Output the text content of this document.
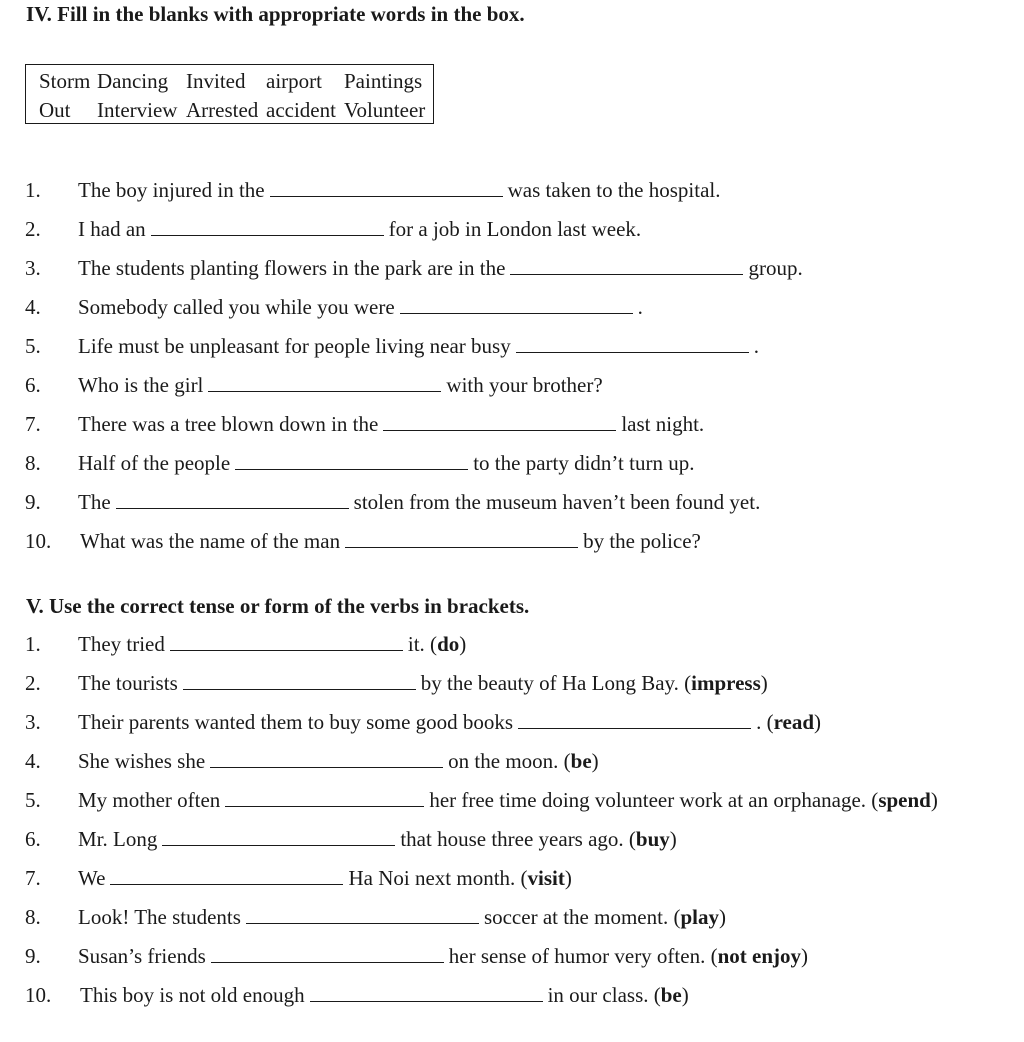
IV. Fill in the blanks with appropriate words in the box.
Storm Dancing Invited airport Paintings
Out Interview Arrested accident Volunteer
1. The boy injured in the	was taken to the hospital.
2. I had an	for a job in London last week.
3. The students planting flowers in the park are in the	group.
4. Somebody called you while you were	.
5. Life must be unpleasant for people living near busy	.
6. Who is the girl	with your brother?
7. There was a tree blown down in the	last night.
8. Half of the people	to the party didn’t turn up.
9. The	stolen from the museum haven’t been found yet.
10. What was the name of the man	by the police?
V. Use the correct tense or form of the verbs in brackets.
1. They tried	it. (do)
2. The tourists	by the beauty of Ha Long Bay. (impress)
3. Their parents wanted them to buy some good books	. (read)
4. She wishes she	on the moon. (be)
5. My mother often	her free time doing volunteer work at an orphanage. (spend)
6. Mr. Long	that house three years ago. (buy)
7. We	Ha Noi next month. (visit)
8. Look! The students	soccer at the moment. (play)
9. Susan’s friends	her sense of humor very often. (not enjoy)
10. This boy is not old enough	in our class. (be)
